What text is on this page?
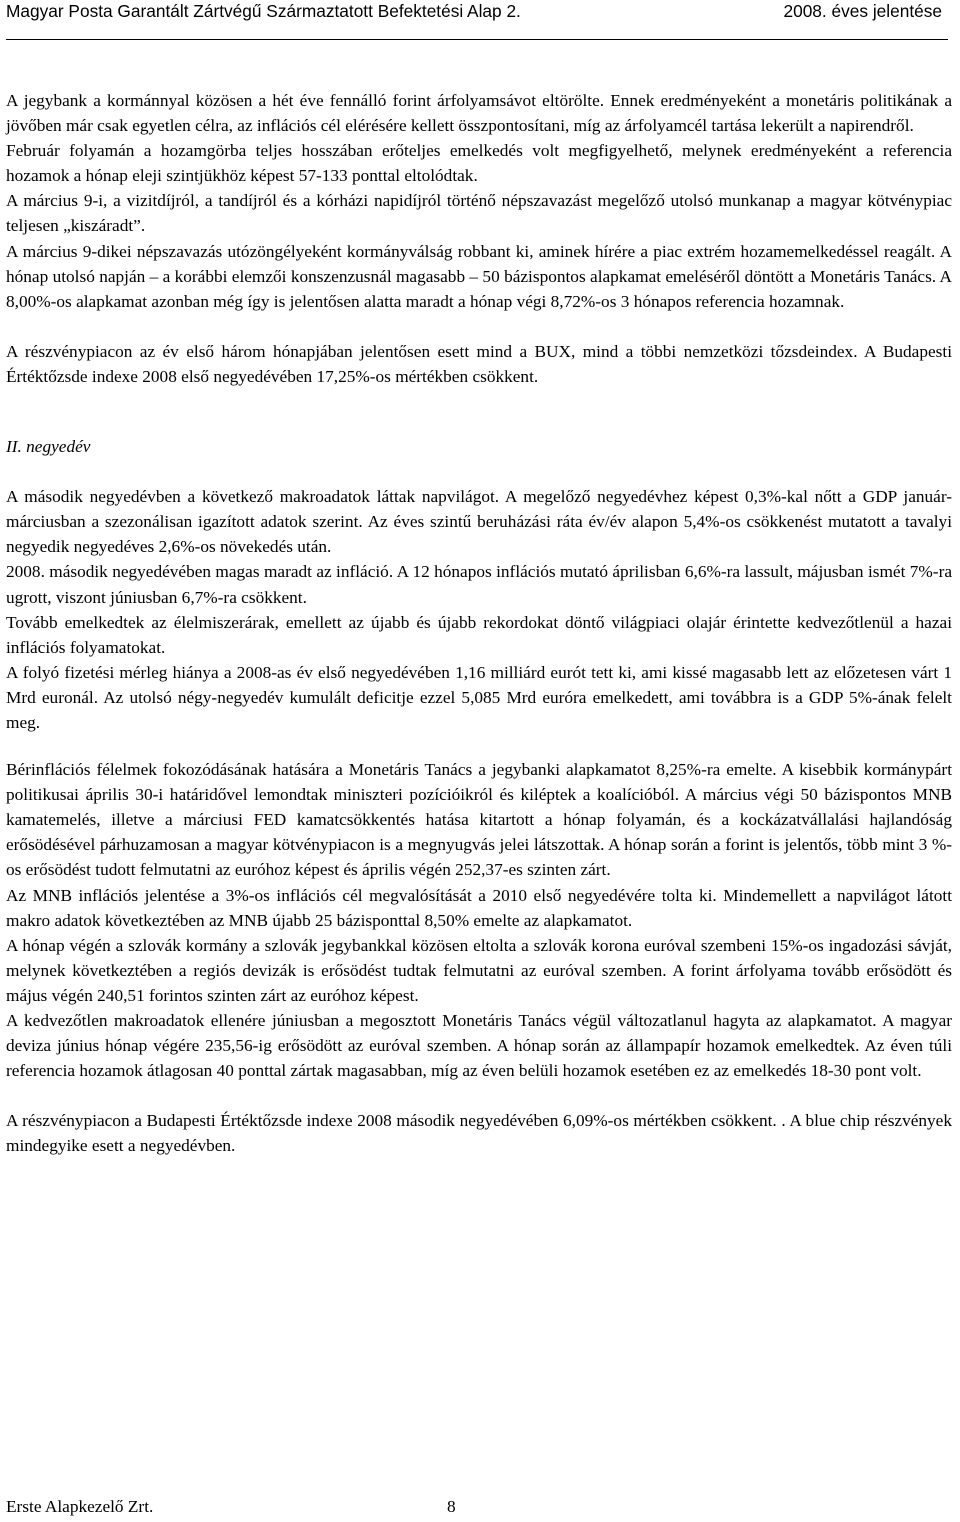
Magyar Posta Garantált Zártvégű Származtatott Befektetési Alap 2.	2008. éves jelentése

A jegybank a kormánnyal közösen a hét éve fennálló forint árfolyamsávot eltörölte. Ennek eredményeként a monetáris politikának a jövőben már csak egyetlen célra, az inflációs cél elérésére kellett összpontosítani, míg az árfolyamcél tartása lekerült a napirendről.

Február folyamán a hozamgörba teljes hosszában erőteljes emelkedés volt megfigyelhető, melynek eredményeként a referencia hozamok a hónap eleji szintjükhöz képest 57-133 ponttal eltolódtak.

A március 9-i, a vizitdíjról, a tandíjról és a kórházi napidíjról történő népszavazást megelőző utolsó munkanap a magyar kötvénypiac teljesen „kiszáradt”.

A március 9-dikei népszavazás utózöngélyeként kormányválság robbant ki, aminek hírére a piac extrém hozamemelkedéssel reagált. A hónap utolsó napján – a korábbi elemzői konszenzusnál magasabb – 50 bázispontos alapkamat emeléséről döntött a Monetáris Tanács. A 8,00%-os alapkamat azonban még így is jelentősen alatta maradt a hónap végi 8,72%-os 3 hónapos referencia hozamnak.

A részvénypiacon az év első három hónapjában jelentősen esett mind a BUX, mind a többi nemzetközi tőzsdeindex. A Budapesti Értéktőzsde indexe 2008 első negyedévében 17,25%-os mértékben csökkent.

II. negyedév

A második negyedévben a következő makroadatok láttak napvilágot. A megelőző negyedévhez képest 0,3%-kal nőtt a GDP január-márciusban a szezonálisan igazított adatok szerint. Az éves szintű beruházási ráta év/év alapon 5,4%-os csökkenést mutatott a tavalyi negyedik negyedéves 2,6%-os növekedés után.

2008. második negyedévében magas maradt az infláció. A 12 hónapos inflációs mutató áprilisban 6,6%-ra lassult, májusban ismét 7%-ra ugrott, viszont júniusban 6,7%-ra csökkent.

Tovább emelkedtek az élelmiszerárak, emellett az újabb és újabb rekordokat döntő világpiaci olajár érintette kedvezőtlenül a hazai inflációs folyamatokat.

A folyó fizetési mérleg hiánya a 2008-as év első negyedévében 1,16 milliárd eurót tett ki, ami kissé magasabb lett az előzetesen várt 1 Mrd euronál. Az utolsó négy-negyedév kumulált deficitje ezzel 5,085 Mrd euróra emelkedett, ami továbbra is a GDP 5%-ának felelt meg.

Bérinflációs félelmek fokozódásának hatására a Monetáris Tanács a jegybanki alapkamatot 8,25%-ra emelte. A kisebbik kormánypárt politikusai április 30-i határidővel lemondtak miniszteri pozícióikról és kiléptek a koalícióból. A március végi 50 bázispontos MNB kamatemelés, illetve a márciusi FED kamatcsökkentés hatása kitartott a hónap folyamán, és a kockázatvállalási hajlandóság erősödésével párhuzamosan a magyar kötvénypiacon is a megnyugvás jelei látszottak. A hónap során a forint is jelentős, több mint 3 %-os erősödést tudott felmutatni az euróhoz képest és április végén 252,37-es szinten zárt.

Az MNB inflációs jelentése a 3%-os inflációs cél megvalósítását a 2010 első negyedévére tolta ki. Mindemellett a napvilágot látott makro adatok következtében az MNB újabb 25 bázisponttal 8,50% emelte az alapkamatot.

A hónap végén a szlovák kormány a szlovák jegybankkal közösen eltolta a szlovák korona euróval szembeni 15%-os ingadozási sávját, melynek következtében a regiós devizák is erősödést tudtak felmutatni az euróval szemben. A forint árfolyama tovább erősödött és május végén 240,51 forintos szinten zárt az euróhoz képest.

A kedvezőtlen makroadatok ellenére júniusban a megosztott Monetáris Tanács végül változatlanul hagyta az alapkamatot. A magyar deviza június hónap végére 235,56-ig erősödött az euróval szemben. A hónap során az állampapír hozamok emelkedtek. Az éven túli referencia hozamok átlagosan 40 ponttal zártak magasabban, míg az éven belüli hozamok esetében ez az emelkedés 18-30 pont volt.

A részvénypiacon a Budapesti Értéktőzsde indexe 2008 második negyedévében 6,09%-os mértékben csökkent. . A blue chip részvények mindegyike esett a negyedévben.

Erste Alapkezelő Zrt.	8
